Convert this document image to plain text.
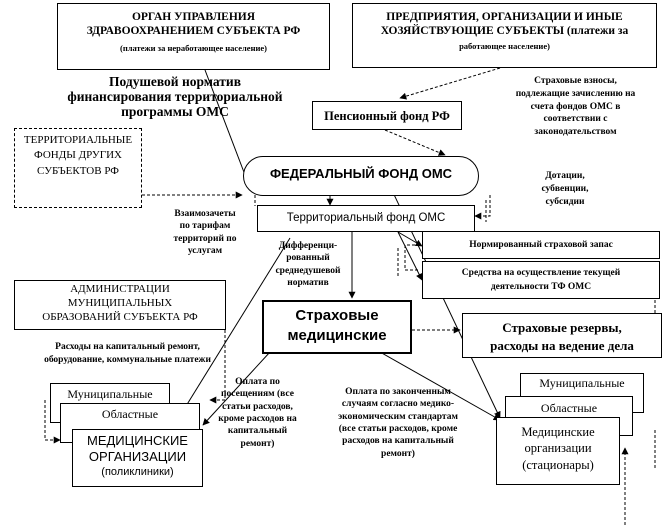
ОРГАН УПРАВЛЕНИЯ
ЗДРАВООХРАНЕНИЕМ СУБЪЕКТА РФ
(платежи за неработающее население)
ПРЕДПРИЯТИЯ, ОРГАНИЗАЦИИ И ИНЫЕ
ХОЗЯЙСТВУЮЩИЕ СУБЪЕКТЫ (платежи за
работающее население)
Подушевой норматив
финансирования территориальной
программы ОМС	Пенсионный фонд РФ
Страховые взносы,
подлежащие зачислению на
счета фондов ОМС в
соответствии с
законодательством
ТЕРРИТОРИАЛЬНЫЕ
ФОНДЫ ДРУГИХ
СУБЪЕКТОВ РФ	ФЕДЕРАЛЬНЫЙ ФОНД ОМС	Дотации,
субвенции,
субсидии
Территориальный фонд ОМС
Взаимозачеты
по тарифам
территорий по
услугам
Дифференци-
рованный
среднедушевой
норматив
Нормированный страховой запас
Средства на осуществление текущей
деятельности ТФ ОМС
АДМИНИСТРАЦИИ
МУНИЦИПАЛЬНЫХ
ОБРАЗОВАНИЙ СУБЪЕКТА РФ	Страховые
медицинские	Страховые резервы,
расходы на ведение дела
Расходы на капитальный ремонт,
оборудование, коммунальные платежи
Оплата по
посещениям (все
статьи расходов,
кроме расходов на
капитальный
ремонт)
Оплата по законченным
случаям согласно медико-
экономическим стандартам
(все статьи расходов, кроме
расходов на капитальный
ремонт)
Муниципальные
Областные
МЕДИЦИНСКИЕ
ОРГАНИЗАЦИИ
(поликлиники)
Муниципальные
Областные
Медицинские
организации
(стационары)
